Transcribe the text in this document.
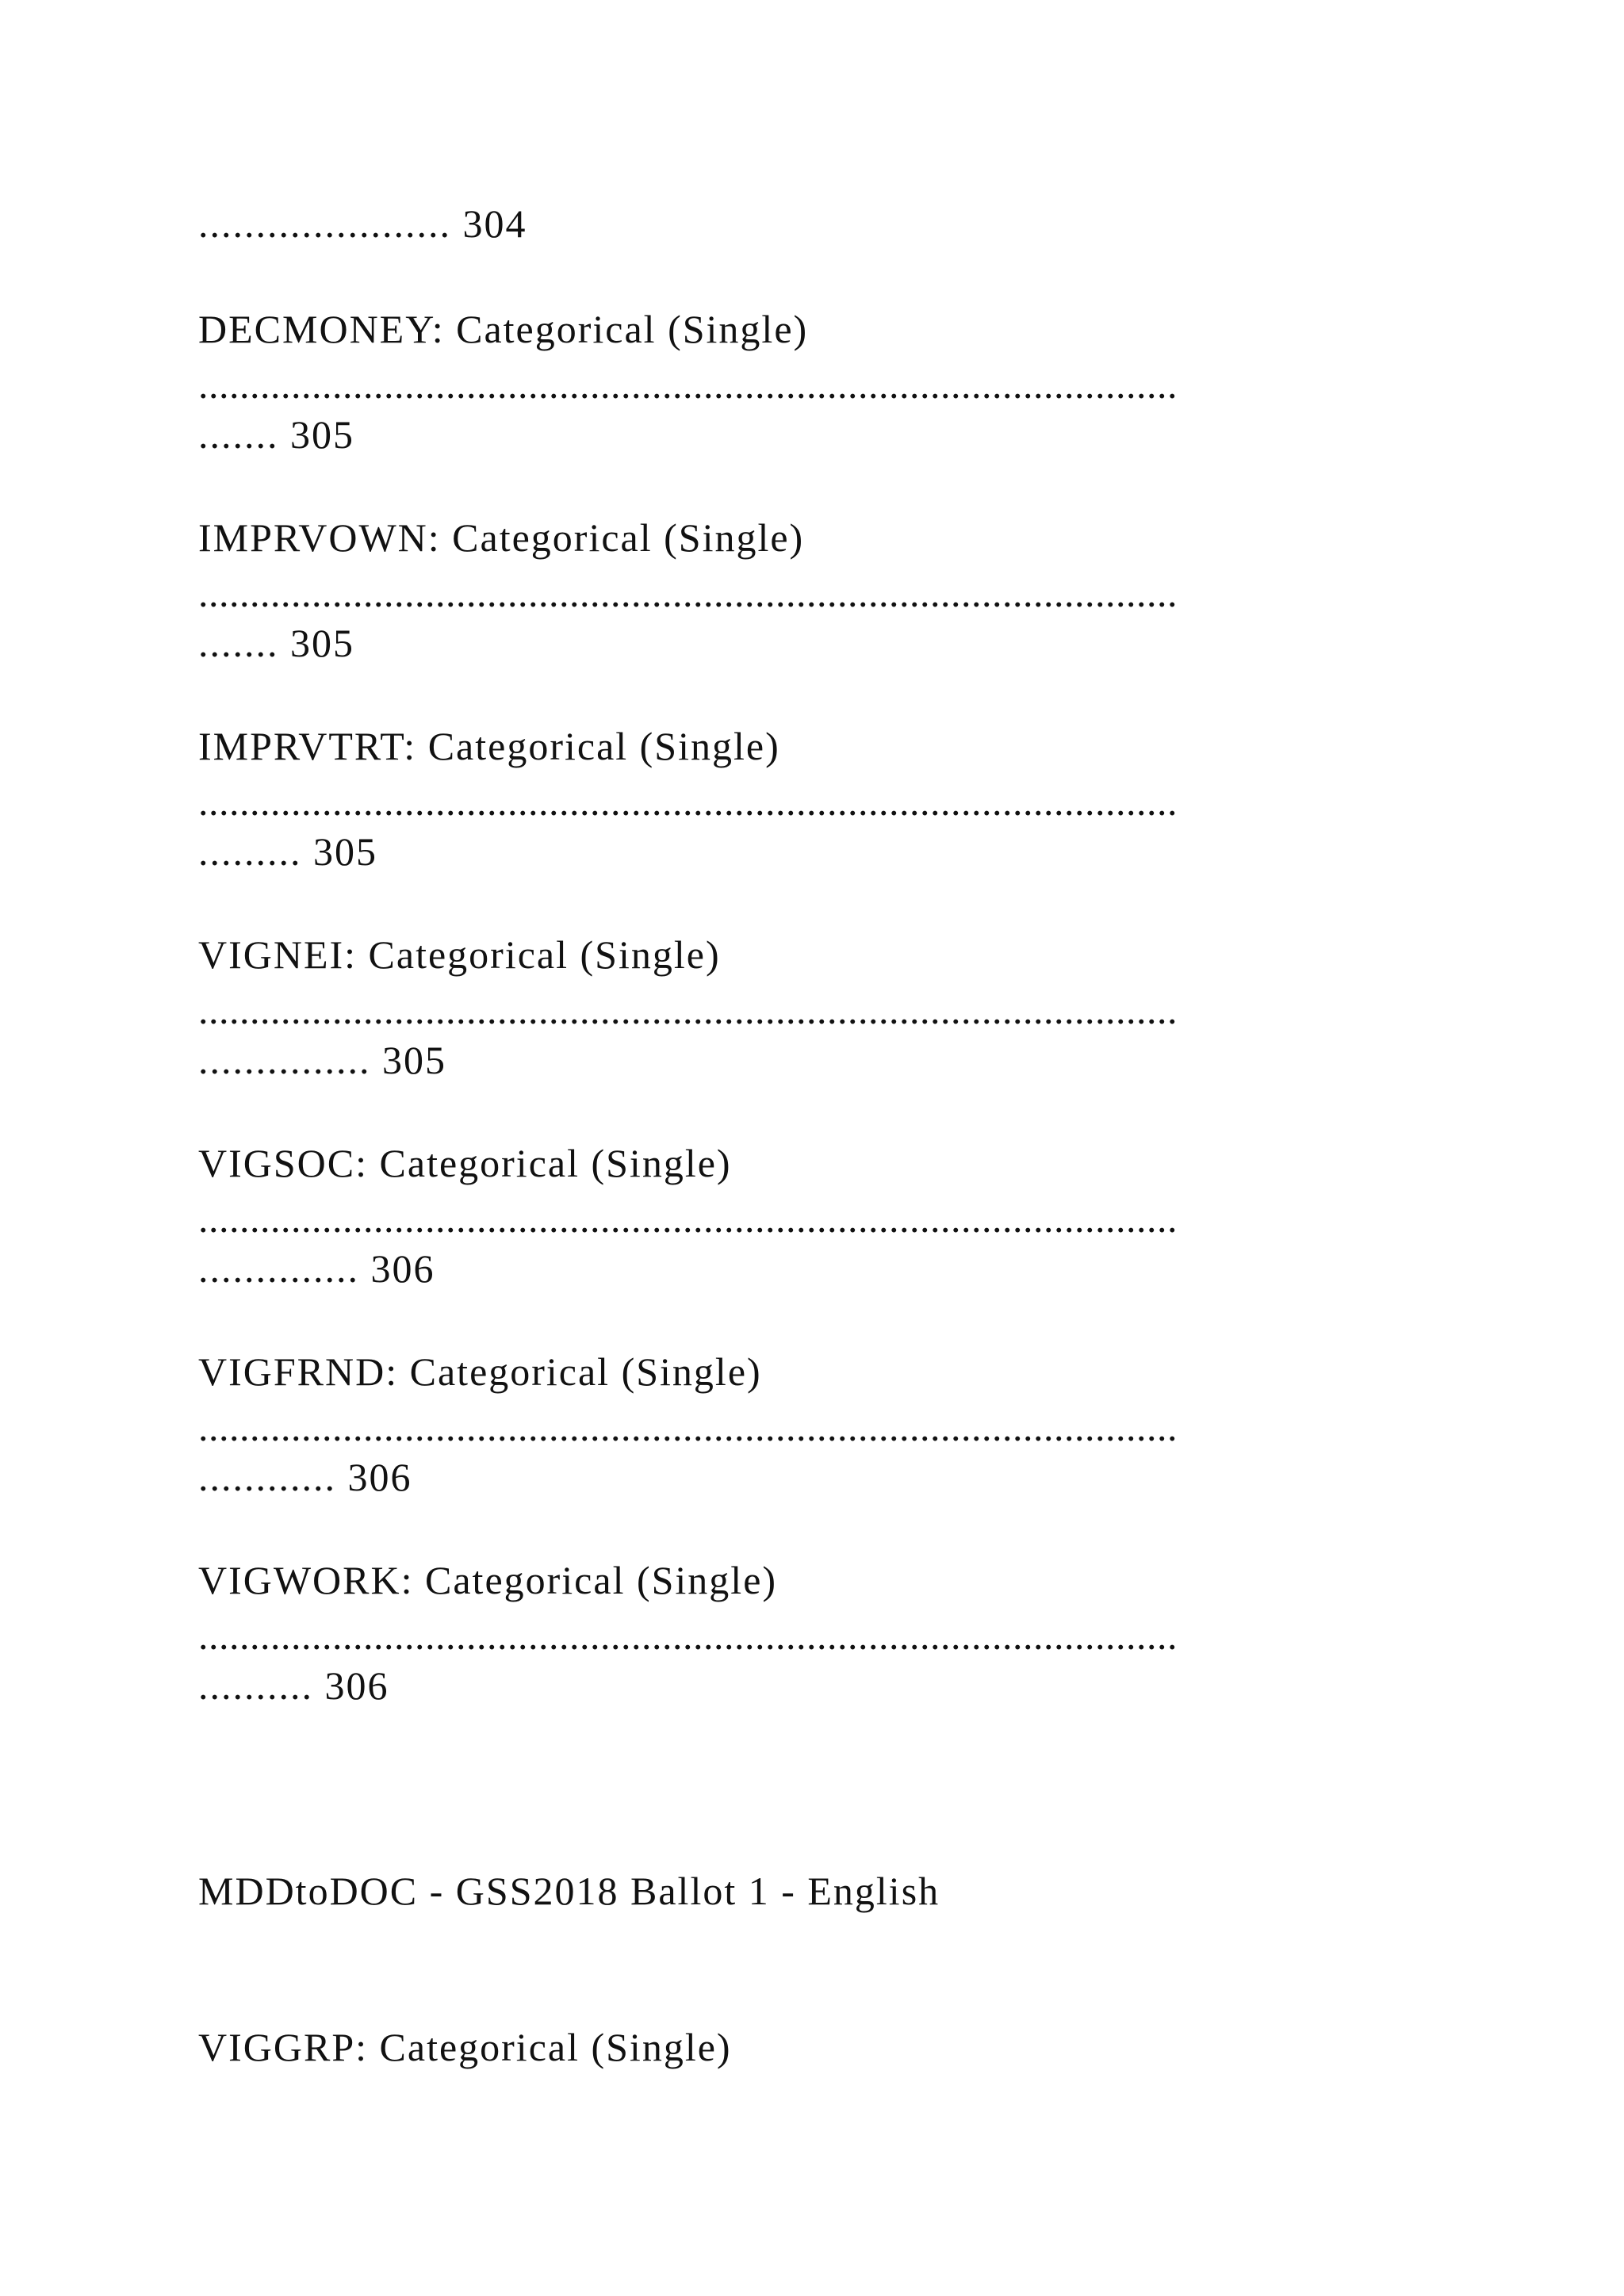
...................... 304
DECMONEY: Categorical (Single)
...............................................................................................
....... 305
IMPRVOWN: Categorical (Single)
...............................................................................................
....... 305
IMPRVTRT: Categorical (Single)
...............................................................................................
......... 305
VIGNEI: Categorical (Single)
...............................................................................................
............... 305
VIGSOC: Categorical (Single)
...............................................................................................
.............. 306
VIGFRND: Categorical (Single)
...............................................................................................
............ 306
VIGWORK: Categorical (Single)
...............................................................................................
.......... 306
MDDtoDOC - GSS2018 Ballot 1 - English
VIGGRP: Categorical (Single)
